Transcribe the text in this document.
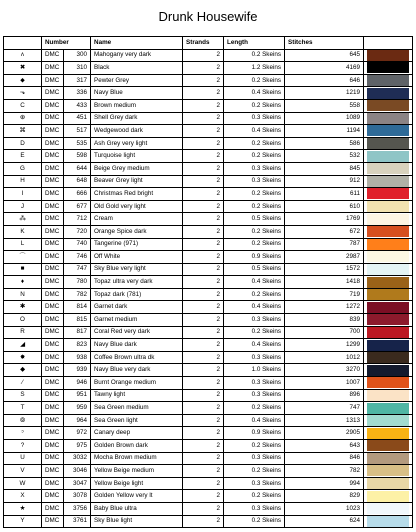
Drunk Housewife
	Number		Name	Strands	Length	Stitches	
ᴧ	DMC	300	Mahogany very dark	2	0.2 Skeins	645	

✖	DMC	310	Black	2	1.2 Skeins	4169	

⬥	DMC	317	Pewter Grey	2	0.2 Skeins	646	

⬎	DMC	336	Navy Blue	2	0.4 Skeins	1219	

C	DMC	433	Brown medium	2	0.2 Skeins	558	

⊕	DMC	451	Shell Grey dark	2	0.3 Skeins	1089	

⌘	DMC	517	Wedgewood dark	2	0.4 Skeins	1194	

D	DMC	535	Ash Grey very light	2	0.2 Skeins	586	

E	DMC	598	Turquoise light	2	0.2 Skeins	532	

G	DMC	644	Beige Grey medium	2	0.3 Skeins	845	

H	DMC	648	Beaver Grey light	2	0.3 Skeins	912	

I	DMC	666	Christmas Red bright	2	0.2 Skeins	611	

J	DMC	677	Old Gold very light	2	0.2 Skeins	610	

⁂	DMC	712	Cream	2	0.5 Skeins	1769	

K	DMC	720	Orange Spice dark	2	0.2 Skeins	672	

L	DMC	740	Tangerine (971)	2	0.2 Skeins	787	

⌒	DMC	746	Off White	2	0.9 Skeins	2987	

■	DMC	747	Sky Blue very light	2	0.5 Skeins	1572	

♦	DMC	780	Topaz ultra very dark	2	0.4 Skeins	1418	

N	DMC	782	Topaz dark (781)	2	0.2 Skeins	719	

✱	DMC	814	Garnet dark	2	0.4 Skeins	1272	

O	DMC	815	Garnet medium	2	0.3 Skeins	839	

R	DMC	817	Coral Red very dark	2	0.2 Skeins	700	

◢	DMC	823	Navy Blue dark	2	0.4 Skeins	1299	

✸	DMC	938	Coffee Brown ultra dk	2	0.3 Skeins	1012	

◆	DMC	939	Navy Blue very dark	2	1.0 Skeins	3270	

⁄	DMC	946	Burnt Orange medium	2	0.3 Skeins	1007	

S	DMC	951	Tawny light	2	0.3 Skeins	896	

T	DMC	959	Sea Green medium	2	0.2 Skeins	747	

⦾	DMC	964	Sea Green light	2	0.4 Skeins	1313	

ᵓ	DMC	972	Canary deep	2	0.9 Skeins	2905	

?	DMC	975	Golden Brown dark	2	0.2 Skeins	643	

U	DMC	3032	Mocha Brown medium	2	0.3 Skeins	846	

V	DMC	3046	Yellow Beige medium	2	0.2 Skeins	782	

W	DMC	3047	Yellow Beige light	2	0.3 Skeins	994	

X	DMC	3078	Golden Yellow very lt	2	0.2 Skeins	829	

★	DMC	3756	Baby Blue ultra	2	0.3 Skeins	1023	

Y	DMC	3761	Sky Blue light	2	0.2 Skeins	624	
